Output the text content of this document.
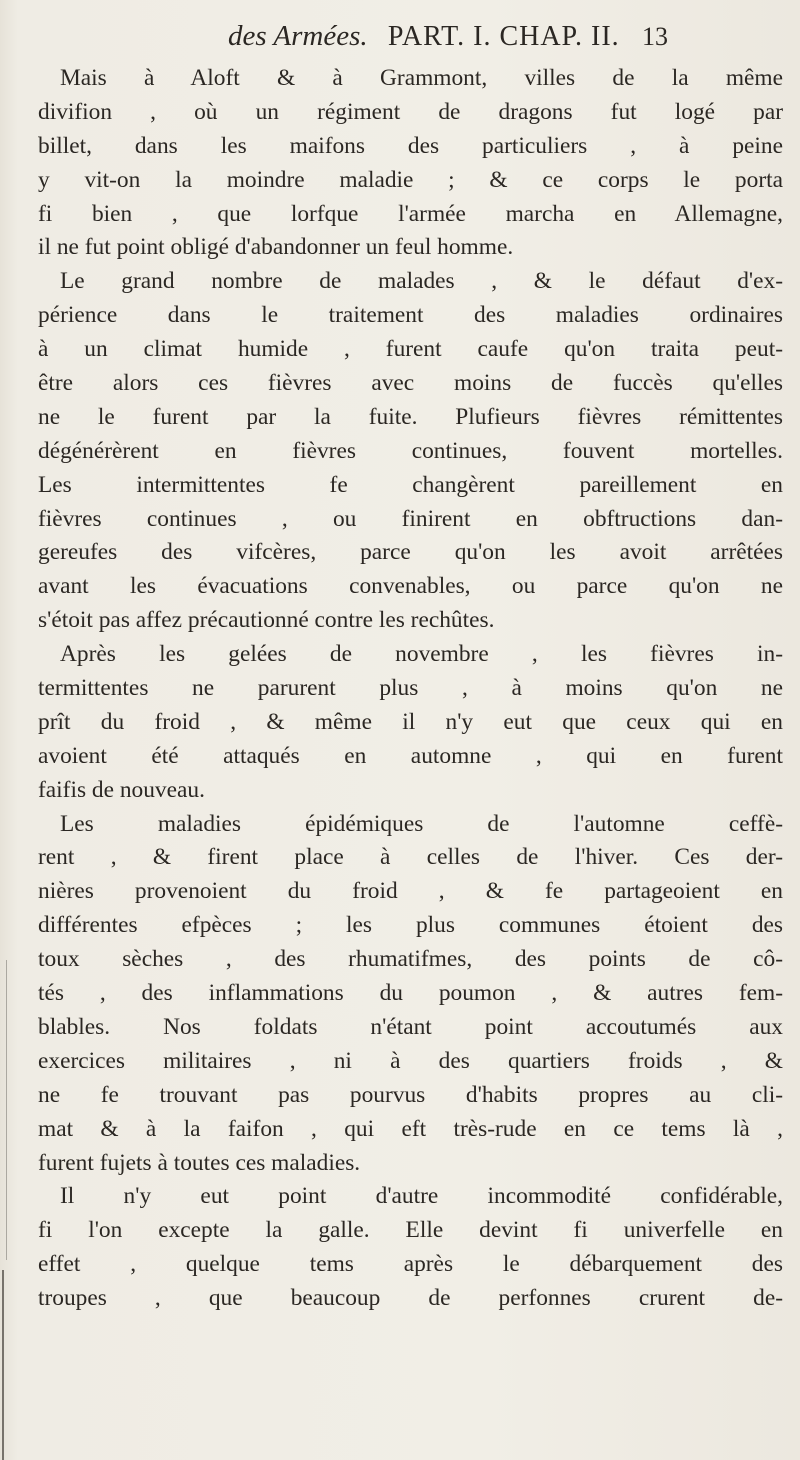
des Armées. PART. I. CHAP. II. 13
Mais à Aloft & à Grammont, villes de la même
divifion , où un régiment de dragons fut logé par
billet, dans les maifons des particuliers , à peine
y vit-on la moindre maladie ; & ce corps le porta
fi bien , que lorfque l'armée marcha en Allemagne,
il ne fut point obligé d'abandonner un feul homme.
Le grand nombre de malades , & le défaut d'ex-
périence dans le traitement des maladies ordinaires
à un climat humide , furent caufe qu'on traita peut-
être alors ces fièvres avec moins de fuccès qu'elles
ne le furent par la fuite. Plufieurs fièvres rémittentes
dégénérèrent en fièvres continues, fouvent mortelles.
Les intermittentes fe changèrent pareillement en
fièvres continues , ou finirent en obftructions dan-
gereufes des vifcères, parce qu'on les avoit arrêtées
avant les évacuations convenables, ou parce qu'on ne
s'étoit pas affez précautionné contre les rechûtes.
Après les gelées de novembre , les fièvres in-
termittentes ne parurent plus , à moins qu'on ne
prît du froid , & même il n'y eut que ceux qui en
avoient été attaqués en automne , qui en furent
faifis de nouveau.
Les maladies épidémiques de l'automne ceffè-
rent , & firent place à celles de l'hiver. Ces der-
nières provenoient du froid , & fe partageoient en
différentes efpèces ; les plus communes étoient des
toux sèches , des rhumatifmes, des points de cô-
tés , des inflammations du poumon , & autres fem-
blables. Nos foldats n'étant point accoutumés aux
exercices militaires , ni à des quartiers froids , &
ne fe trouvant pas pourvus d'habits propres au cli-
mat & à la faifon , qui eft très-rude en ce tems là ,
furent fujets à toutes ces maladies.
Il n'y eut point d'autre incommodité confidérable,
fi l'on excepte la galle. Elle devint fi univerfelle en
effet , quelque tems après le débarquement des
troupes , que beaucoup de perfonnes crurent de-
